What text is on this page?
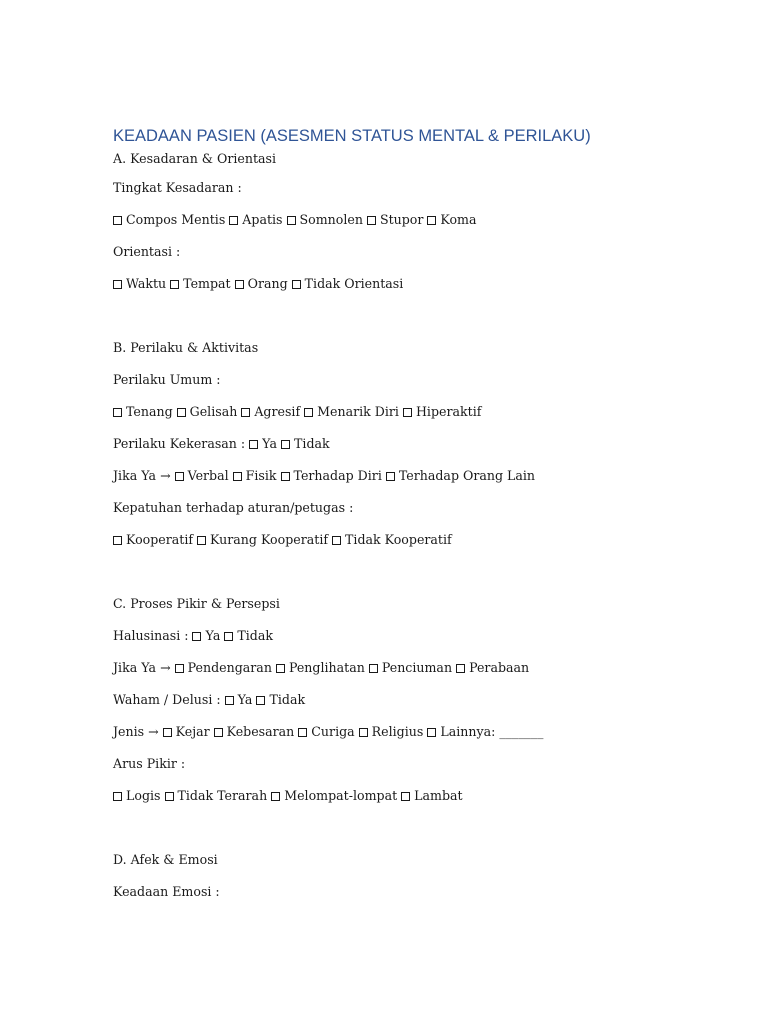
KEADAAN PASIEN (ASESMEN STATUS MENTAL & PERILAKU)
A. Kesadaran & Orientasi
Tingkat Kesadaran :
Compos Mentis Apatis Somnolen Stupor Koma
Orientasi :
Waktu Tempat Orang Tidak Orientasi
B. Perilaku & Aktivitas
Perilaku Umum :
Tenang Gelisah Agresif Menarik Diri Hiperaktif
Perilaku Kekerasan : Ya Tidak
Jika Ya → Verbal Fisik Terhadap Diri Terhadap Orang Lain
Kepatuhan terhadap aturan/petugas :
Kooperatif Kurang Kooperatif Tidak Kooperatif
C. Proses Pikir & Persepsi
Halusinasi : Ya Tidak
Jika Ya → Pendengaran Penglihatan Penciuman Perabaan
Waham / Delusi : Ya Tidak
Jenis → Kejar Kebesaran Curiga Religius Lainnya: _______
Arus Pikir :
Logis Tidak Terarah Melompat-lompat Lambat
D. Afek & Emosi
Keadaan Emosi :
